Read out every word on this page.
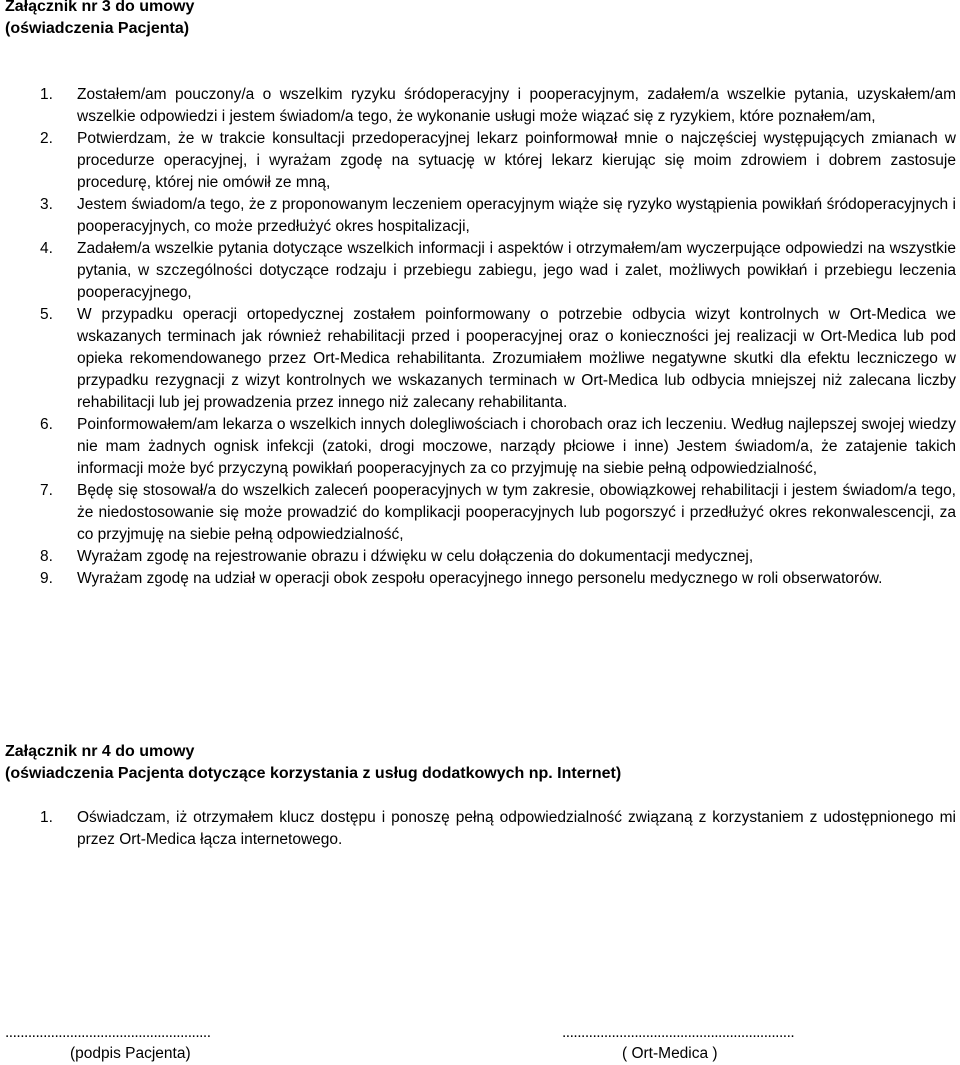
Załącznik nr 3 do umowy
(oświadczenia Pacjenta)
1. Zostałem/am pouczony/a o wszelkim ryzyku śródoperacyjny i pooperacyjnym, zadałem/a wszelkie pytania, uzyskałem/am wszelkie odpowiedzi i jestem świadom/a tego, że wykonanie usługi może wiązać się z ryzykiem, które poznałem/am,
2. Potwierdzam, że w trakcie konsultacji przedoperacyjnej lekarz poinformował mnie o najczęściej występujących zmianach w procedurze operacyjnej, i wyrażam zgodę na sytuację w której lekarz kierując się moim zdrowiem i dobrem zastosuje procedurę, której nie omówił ze mną,
3. Jestem świadom/a tego, że z proponowanym leczeniem operacyjnym wiąże się ryzyko wystąpienia powikłań śródoperacyjnych i pooperacyjnych, co może przedłużyć okres hospitalizacji,
4. Zadałem/a wszelkie pytania dotyczące wszelkich informacji i aspektów i otrzymałem/am wyczerpujące odpowiedzi na wszystkie pytania, w szczególności dotyczące rodzaju i przebiegu zabiegu, jego wad i zalet, możliwych powikłań i przebiegu leczenia pooperacyjnego,
5. W przypadku operacji ortopedycznej zostałem poinformowany o potrzebie odbycia wizyt kontrolnych w Ort-Medica we wskazanych terminach jak również rehabilitacji przed i pooperacyjnej oraz o konieczności jej realizacji w Ort-Medica lub pod opieka rekomendowanego przez Ort-Medica rehabilitanta. Zrozumiałem możliwe negatywne skutki dla efektu leczniczego w przypadku rezygnacji z wizyt kontrolnych we wskazanych terminach w Ort-Medica lub odbycia mniejszej niż zalecana liczby rehabilitacji lub jej prowadzenia przez innego niż zalecany rehabilitanta.
6. Poinformowałem/am lekarza o wszelkich innych dolegliwościach i chorobach oraz ich leczeniu. Według najlepszej swojej wiedzy nie mam żadnych ognisk infekcji (zatoki, drogi moczowe, narządy płciowe i inne) Jestem świadom/a, że zatajenie takich informacji może być przyczyną powikłań pooperacyjnych za co przyjmuję na siebie pełną odpowiedzialność,
7. Będę się stosował/a do wszelkich zaleceń pooperacyjnych w tym zakresie, obowiązkowej rehabilitacji i jestem świadom/a tego, że niedostosowanie się może prowadzić do komplikacji pooperacyjnych lub pogorszyć i przedłużyć okres rekonwalescencji, za co przyjmuję na siebie pełną odpowiedzialność,
8. Wyrażam zgodę na rejestrowanie obrazu i dźwięku w celu dołączenia do dokumentacji medycznej,
9. Wyrażam zgodę na udział w operacji obok zespołu operacyjnego innego personelu medycznego w roli obserwatorów.
Załącznik nr 4 do umowy
(oświadczenia Pacjenta dotyczące korzystania z usług dodatkowych np. Internet)
1. Oświadczam, iż otrzymałem klucz dostępu i ponoszę pełną odpowiedzialność związaną z korzystaniem z udostępnionego mi przez Ort-Medica łącza internetowego.
......................................................
(podpis Pacjenta)
.............................................................
( Ort-Medica )
